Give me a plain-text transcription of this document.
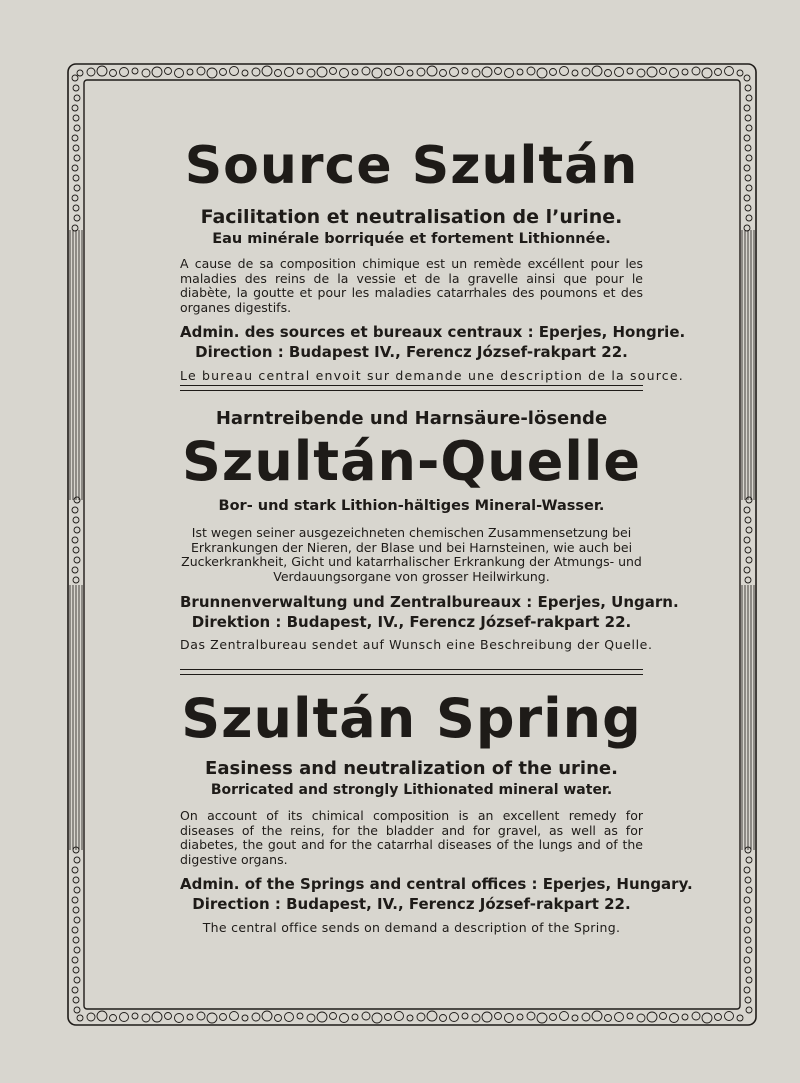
Source Szultán
Facilitation et neutralisation de l’urine.
Eau minérale borriquée et fortement Lithionnée.

A cause de sa composition chimique est un remède excéllent pour les maladies des reins de la vessie et de la gravelle ainsi que pour le diabète, la goutte et pour les maladies catarrhales des poumons et des organes digestifs.

Admin. des sources et bureaux centraux : Eperjes, Hongrie.
Direction : Budapest IV., Ferencz József-rakpart 22.
Le bureau central envoit sur demande une description de la source.
Harntreibende und Harnsäure-lösende
Szultán-Quelle
Bor- und stark Lithion-hältiges Mineral-Wasser.

Ist wegen seiner ausgezeichneten chemischen Zusammensetzung bei Erkrankungen der Nieren, der Blase und bei Harnsteinen, wie auch bei Zuckerkrankheit, Gicht und katarrhalischer Erkrankung der Atmungs- und Verdauungsorgane von grosser Heilwirkung.

Brunnenverwaltung und Zentralbureaux : Eperjes, Ungarn.
Direktion : Budapest, IV., Ferencz József-rakpart 22.
Das Zentralbureau sendet auf Wunsch eine Beschreibung der Quelle.
Szultán Spring
Easiness and neutralization of the urine.
Borricated and strongly Lithionated mineral water.

On account of its chimical composition is an excellent remedy for diseases of the reins, for the bladder and for gravel, as well as for diabetes, the gout and for the catarrhal diseases of the lungs and of the digestive organs.

Admin. of the Springs and central offices : Eperjes, Hungary.
Direction : Budapest, IV., Ferencz József-rakpart 22.
The central office sends on demand a description of the Spring.
